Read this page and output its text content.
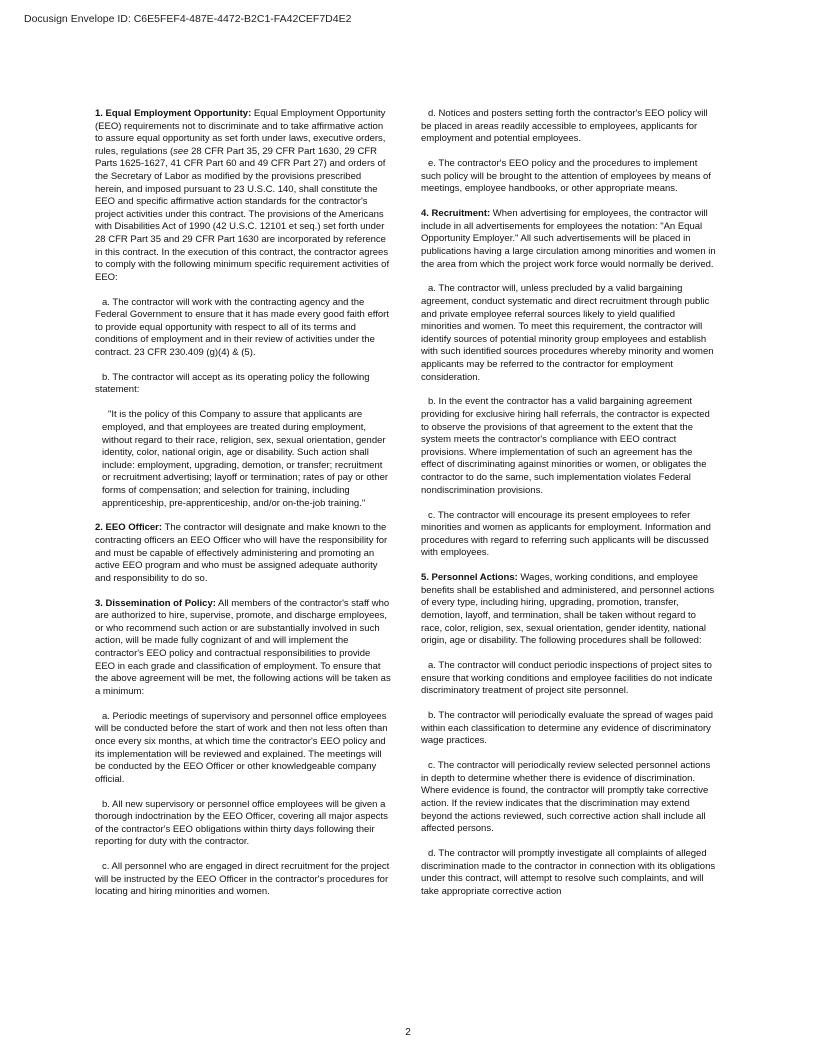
Docusign Envelope ID: C6E5FEF4-487E-4472-B2C1-FA42CEF7D4E2

1. Equal Employment Opportunity: Equal Employment Opportunity (EEO) requirements not to discriminate and to take affirmative action to assure equal opportunity as set forth under laws, executive orders, rules, regulations (see 28 CFR Part 35, 29 CFR Part 1630, 29 CFR Parts 1625-1627, 41 CFR Part 60 and 49 CFR Part 27) and orders of the Secretary of Labor as modified by the provisions prescribed herein, and imposed pursuant to 23 U.S.C. 140, shall constitute the EEO and specific affirmative action standards for the contractor's project activities under this contract. The provisions of the Americans with Disabilities Act of 1990 (42 U.S.C. 12101 et seq.) set forth under 28 CFR Part 35 and 29 CFR Part 1630 are incorporated by reference in this contract. In the execution of this contract, the contractor agrees to comply with the following minimum specific requirement activities of EEO:

a. The contractor will work with the contracting agency and the Federal Government to ensure that it has made every good faith effort to provide equal opportunity with respect to all of its terms and conditions of employment and in their review of activities under the contract. 23 CFR 230.409 (g)(4) & (5).

b. The contractor will accept as its operating policy the following statement:

"It is the policy of this Company to assure that applicants are employed, and that employees are treated during employment, without regard to their race, religion, sex, sexual orientation, gender identity, color, national origin, age or disability. Such action shall include: employment, upgrading, demotion, or transfer; recruitment or recruitment advertising; layoff or termination; rates of pay or other forms of compensation; and selection for training, including apprenticeship, pre-apprenticeship, and/or on-the-job training."

2. EEO Officer: The contractor will designate and make known to the contracting officers an EEO Officer who will have the responsibility for and must be capable of effectively administering and promoting an active EEO program and who must be assigned adequate authority and responsibility to do so.

3. Dissemination of Policy: All members of the contractor's staff who are authorized to hire, supervise, promote, and discharge employees, or who recommend such action or are substantially involved in such action, will be made fully cognizant of and will implement the contractor's EEO policy and contractual responsibilities to provide EEO in each grade and classification of employment. To ensure that the above agreement will be met, the following actions will be taken as a minimum:

a. Periodic meetings of supervisory and personnel office employees will be conducted before the start of work and then not less often than once every six months, at which time the contractor's EEO policy and its implementation will be reviewed and explained. The meetings will be conducted by the EEO Officer or other knowledgeable company official.

b. All new supervisory or personnel office employees will be given a thorough indoctrination by the EEO Officer, covering all major aspects of the contractor's EEO obligations within thirty days following their reporting for duty with the contractor.

c. All personnel who are engaged in direct recruitment for the project will be instructed by the EEO Officer in the contractor's procedures for locating and hiring minorities and women.

d. Notices and posters setting forth the contractor's EEO policy will be placed in areas readily accessible to employees, applicants for employment and potential employees.

e. The contractor's EEO policy and the procedures to implement such policy will be brought to the attention of employees by means of meetings, employee handbooks, or other appropriate means.

4. Recruitment: When advertising for employees, the contractor will include in all advertisements for employees the notation: "An Equal Opportunity Employer." All such advertisements will be placed in publications having a large circulation among minorities and women in the area from which the project work force would normally be derived.

a. The contractor will, unless precluded by a valid bargaining agreement, conduct systematic and direct recruitment through public and private employee referral sources likely to yield qualified minorities and women. To meet this requirement, the contractor will identify sources of potential minority group employees and establish with such identified sources procedures whereby minority and women applicants may be referred to the contractor for employment consideration.

b. In the event the contractor has a valid bargaining agreement providing for exclusive hiring hall referrals, the contractor is expected to observe the provisions of that agreement to the extent that the system meets the contractor's compliance with EEO contract provisions. Where implementation of such an agreement has the effect of discriminating against minorities or women, or obligates the contractor to do the same, such implementation violates Federal nondiscrimination provisions.

c. The contractor will encourage its present employees to refer minorities and women as applicants for employment. Information and procedures with regard to referring such applicants will be discussed with employees.

5. Personnel Actions: Wages, working conditions, and employee benefits shall be established and administered, and personnel actions of every type, including hiring, upgrading, promotion, transfer, demotion, layoff, and termination, shall be taken without regard to race, color, religion, sex, sexual orientation, gender identity, national origin, age or disability. The following procedures shall be followed:

a. The contractor will conduct periodic inspections of project sites to ensure that working conditions and employee facilities do not indicate discriminatory treatment of project site personnel.

b. The contractor will periodically evaluate the spread of wages paid within each classification to determine any evidence of discriminatory wage practices.

c. The contractor will periodically review selected personnel actions in depth to determine whether there is evidence of discrimination. Where evidence is found, the contractor will promptly take corrective action. If the review indicates that the discrimination may extend beyond the actions reviewed, such corrective action shall include all affected persons.

d. The contractor will promptly investigate all complaints of alleged discrimination made to the contractor in connection with its obligations under this contract, will attempt to resolve such complaints, and will take appropriate corrective action

2
